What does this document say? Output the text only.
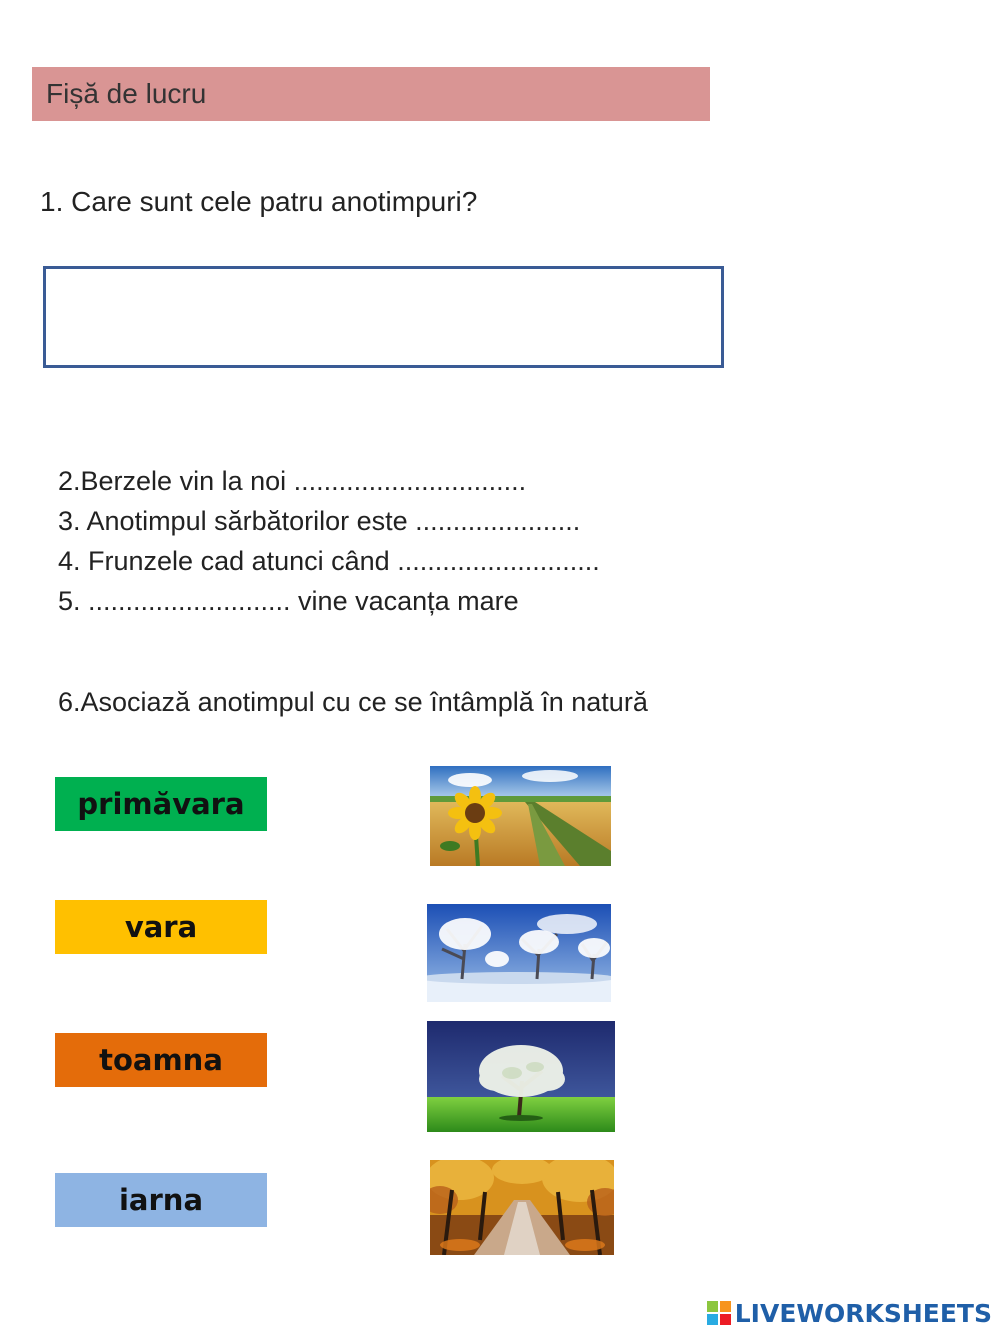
Fișă de lucru
1. Care sunt cele patru anotimpuri?
2.Berzele vin la noi ...............................
3. Anotimpul sărbătorilor este ......................
4. Frunzele cad atunci când ...........................
5. ........................... vine vacanța mare
6.Asociază anotimpul cu ce se întâmplă în natură
primăvara
vara
toamna
iarna
LIVEWORKSHEETS
